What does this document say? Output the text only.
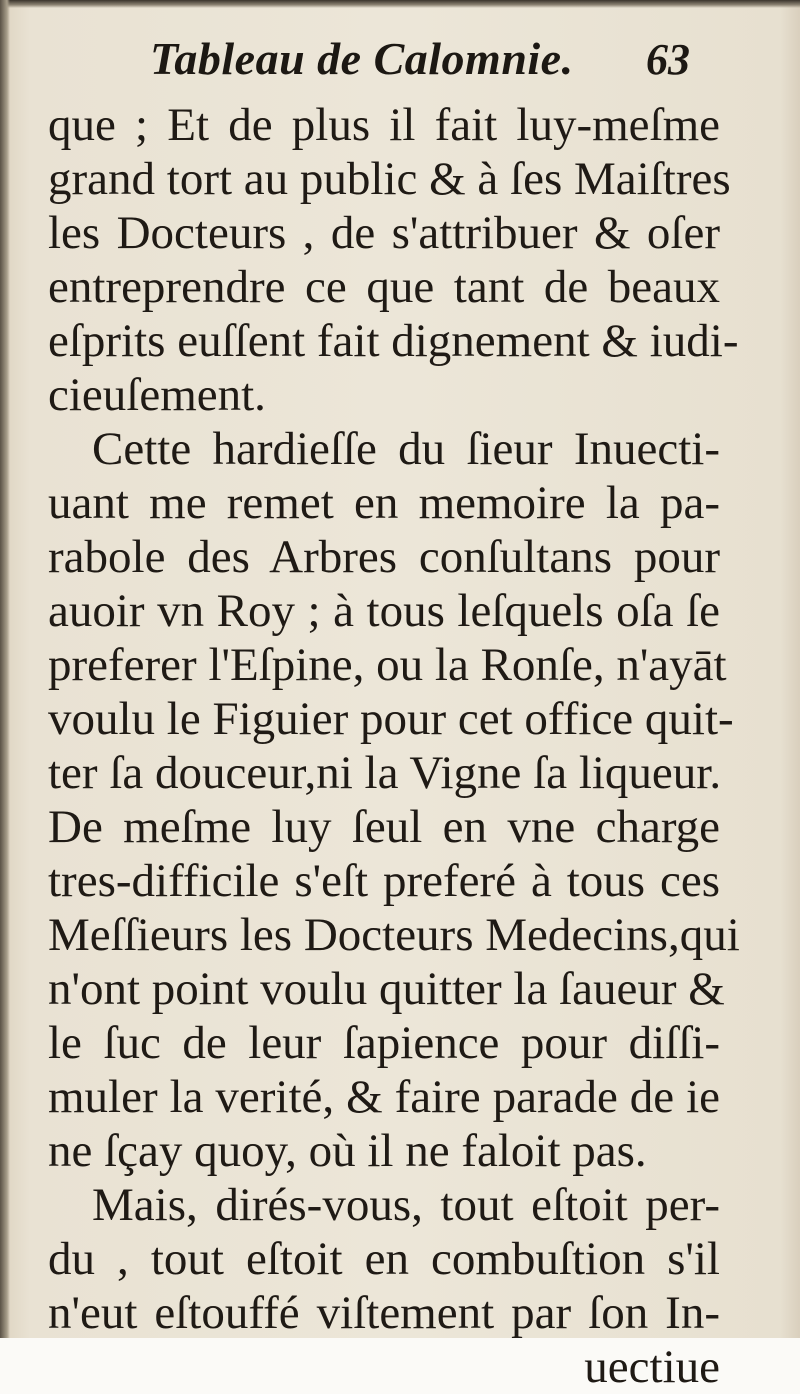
Tableau de Calomnie. 63
que ; Et de plus il fait luy-meſme
grand tort au public & à ſes Maiſtres
les Docteurs , de s'attribuer & oſer
entreprendre ce que tant de beaux
eſprits euſſent fait dignement & iudi-
cieuſement.
Cette hardieſſe du ſieur Inuecti-
uant me remet en memoire la pa-
rabole des Arbres conſultans pour
auoir vn Roy ; à tous leſquels oſa ſe
preferer l'Eſpine, ou la Ronſe, n'ayāt
voulu le Figuier pour cet office quit-
ter ſa douceur,ni la Vigne ſa liqueur.
De meſme luy ſeul en vne charge
tres-difficile s'eſt preferé à tous ces
Meſſieurs les Docteurs Medecins,qui
n'ont point voulu quitter la ſaueur &
le ſuc de leur ſapience pour diſſi-
muler la verité, & faire parade de ie
ne ſçay quoy, où il ne faloit pas.
Mais, dirés-vous, tout eſtoit per-
du , tout eſtoit en combuſtion s'il
n'eut eſtouffé viſtement par ſon In-
uectiue
